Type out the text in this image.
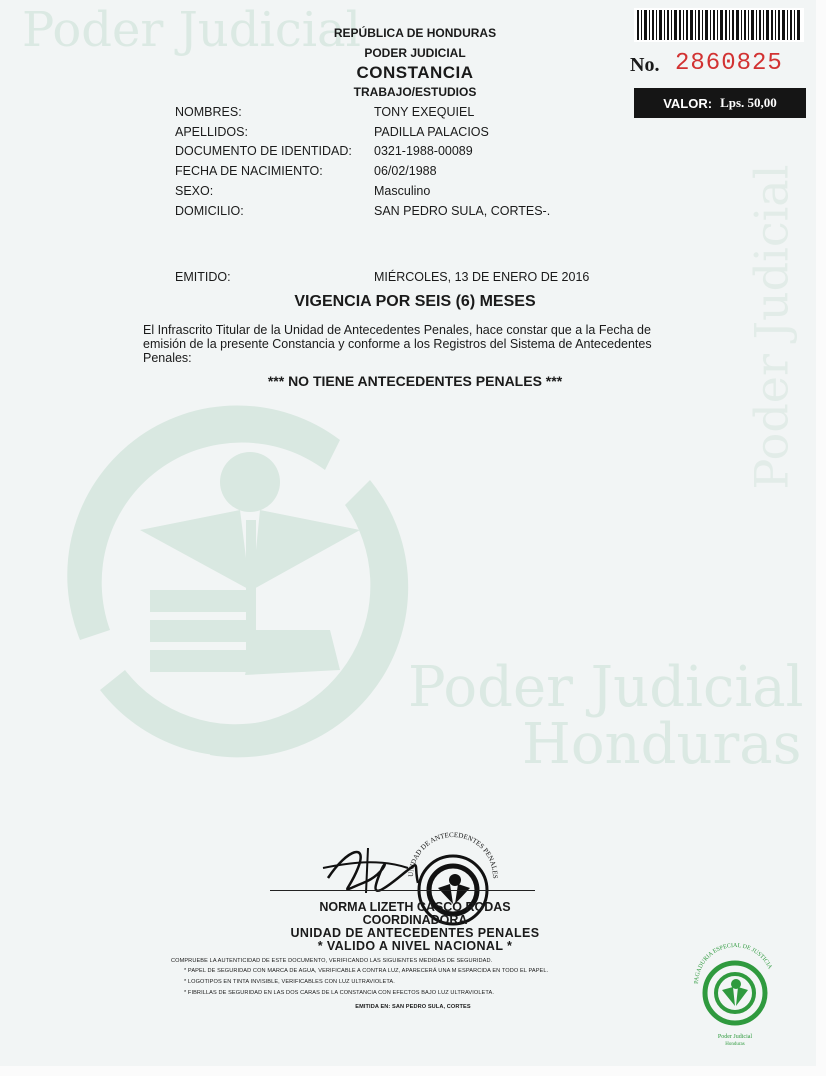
Poder Judicial
Poder Judicial
Poder Judicial
Honduras
REPÚBLICA DE HONDURAS
PODER JUDICIAL
CONSTANCIA
TRABAJO/ESTUDIOS
No. 2860825
VALOR: Lps. 50,00
NOMBRES:	TONY EXEQUIEL
APELLIDOS:	PADILLA PALACIOS
DOCUMENTO DE IDENTIDAD: 0321-1988-00089
FECHA DE NACIMIENTO:	06/02/1988
SEXO:	Masculino
DOMICILIO:	SAN PEDRO SULA, CORTES-.
EMITIDO:	MIÉRCOLES, 13 DE ENERO DE 2016
VIGENCIA POR SEIS (6) MESES
El Infrascrito Titular de la Unidad de Antecedentes Penales, hace constar que a la Fecha de emisión de la presente Constancia y conforme a los Registros del Sistema de Antecedentes Penales:
*** NO TIENE ANTECEDENTES PENALES ***
UNIDAD DE ANTECEDENTES PENALES
NORMA LIZETH CASCO RODAS
COORDINADORA
UNIDAD DE ANTECEDENTES PENALES
* VALIDO A NIVEL NACIONAL *
COMPRUEBE LA AUTENTICIDAD DE ESTE DOCUMENTO, VERIFICANDO LAS SIGUIENTES MEDIDAS DE SEGURIDAD.
* PAPEL DE SEGURIDAD CON MARCA DE AGUA, VERIFICABLE A CONTRA LUZ, APARECERÁ UNA M ESPARCIDA EN TODO EL PAPEL.
* LOGOTIPOS EN TINTA INVISIBLE, VERIFICABLES CON LUZ ULTRAVIOLETA.
* FIBRILLAS DE SEGURIDAD EN LAS DOS CARAS DE LA CONSTANCIA CON EFECTOS BAJO LUZ ULTRAVIOLETA.
EMITIDA EN: SAN PEDRO SULA, CORTES
PAGADURIA ESPECIAL DE JUSTICIA
Poder Judicial
Honduras
